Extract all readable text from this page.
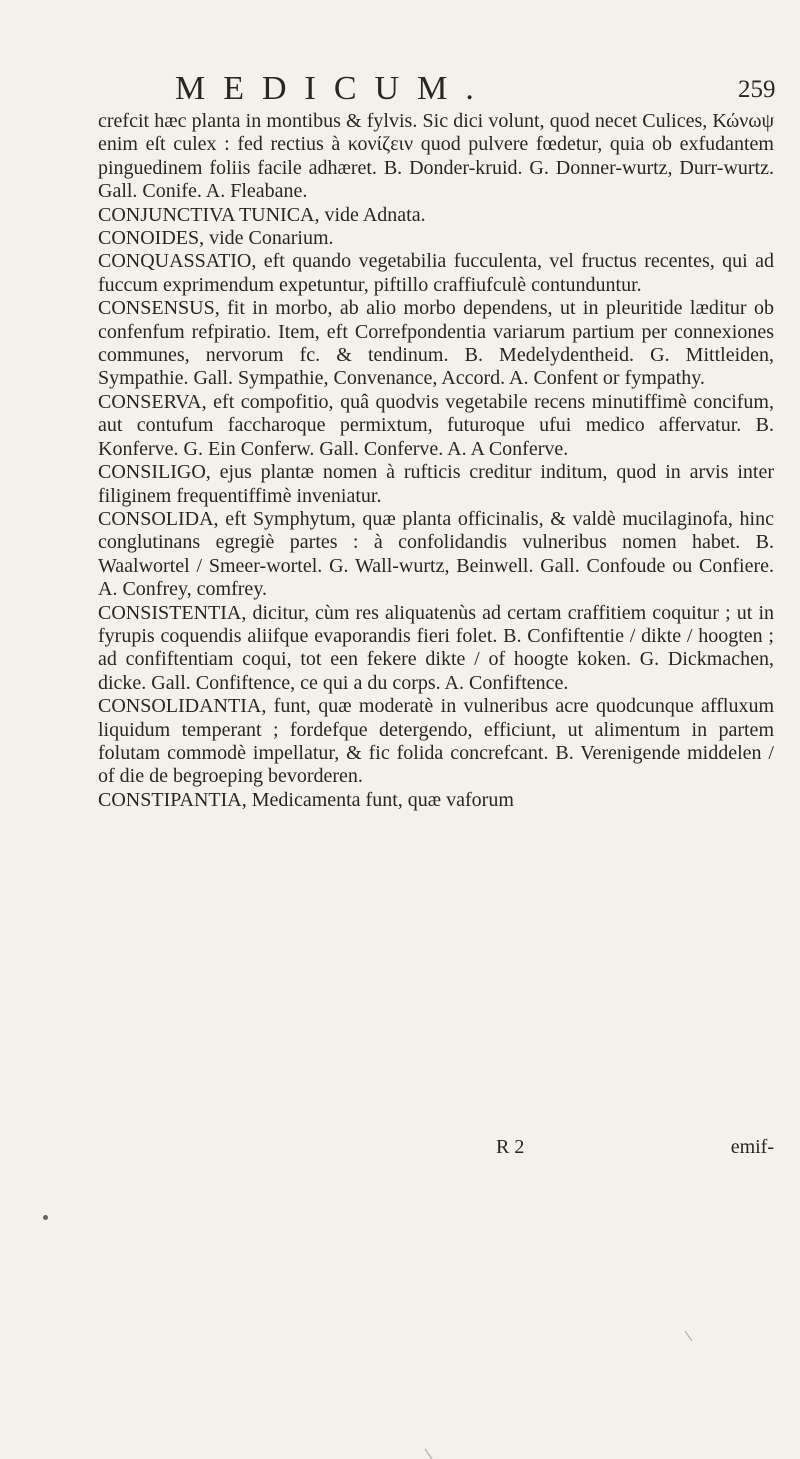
MEDICUM.	259

crefcit hæc planta in montibus & fylvis. Sic dici volunt, quod necet Culices, Κώνωψ enim eſt culex : fed rectius à κονίζειν quod pulvere fœdetur, quia ob exfudantem pinguedinem foliis facile adhæret. B. Donder-kruid. G. Donner-wurtz, Durr-wurtz. Gall. Conife. A. Fleabane.

CONJUNCTIVA TUNICA, vide Adnata.

CONOIDES, vide Conarium.

CONQUASSATIO, eft quando vegetabilia fucculenta, vel fructus recentes, qui ad fuccum exprimendum expetuntur, piftillo craffiufculè contunduntur.

CONSENSUS, fit in morbo, ab alio morbo dependens, ut in pleuritide læditur ob confenfum refpiratio. Item, eft Correfpondentia variarum partium per connexiones communes, nervorum fc. & tendinum. B. Medelydentheid. G. Mittleiden, Sympathie. Gall. Sympathie, Convenance, Accord. A. Confent or fympathy.

CONSERVA, eft compofitio, quâ quodvis vegetabile recens minutiffimè concifum, aut contufum faccharoque permixtum, futuroque ufui medico affervatur. B. Konferve. G. Ein Conferw. Gall. Conferve. A. A Conferve.

CONSILIGO, ejus plantæ nomen à rufticis creditur inditum, quod in arvis inter filiginem frequentiffimè inveniatur.

CONSOLIDA, eft Symphytum, quæ planta officinalis, & valdè mucilaginofa, hinc conglutinans egregiè partes : à confolidandis vulneribus nomen habet. B. Waalwortel / Smeer-wortel. G. Wall-wurtz, Beinwell. Gall. Confoude ou Confiere. A. Confrey, comfrey.

CONSISTENTIA, dicitur, cùm res aliquatenùs ad certam craffitiem coquitur ; ut in fyrupis coquendis aliifque evaporandis fieri folet. B. Confiftentie / dikte / hoogten ; ad confiftentiam coqui, tot een fekere dikte / of hoogte koken. G. Dickmachen, dicke. Gall. Confiftence, ce qui a du corps. A. Confiftence.

CONSOLIDANTIA, funt, quæ moderatè in vulneribus acre quodcunque affluxum liquidum temperant ; fordefque detergendo, efficiunt, ut alimentum in partem folutam commodè impellatur, & fic folida concrefcant. B. Verenigende middelen / of die de begroeping bevorderen.

CONSTIPANTIA, Medicamenta funt, quæ vaforum

R 2	emif-
